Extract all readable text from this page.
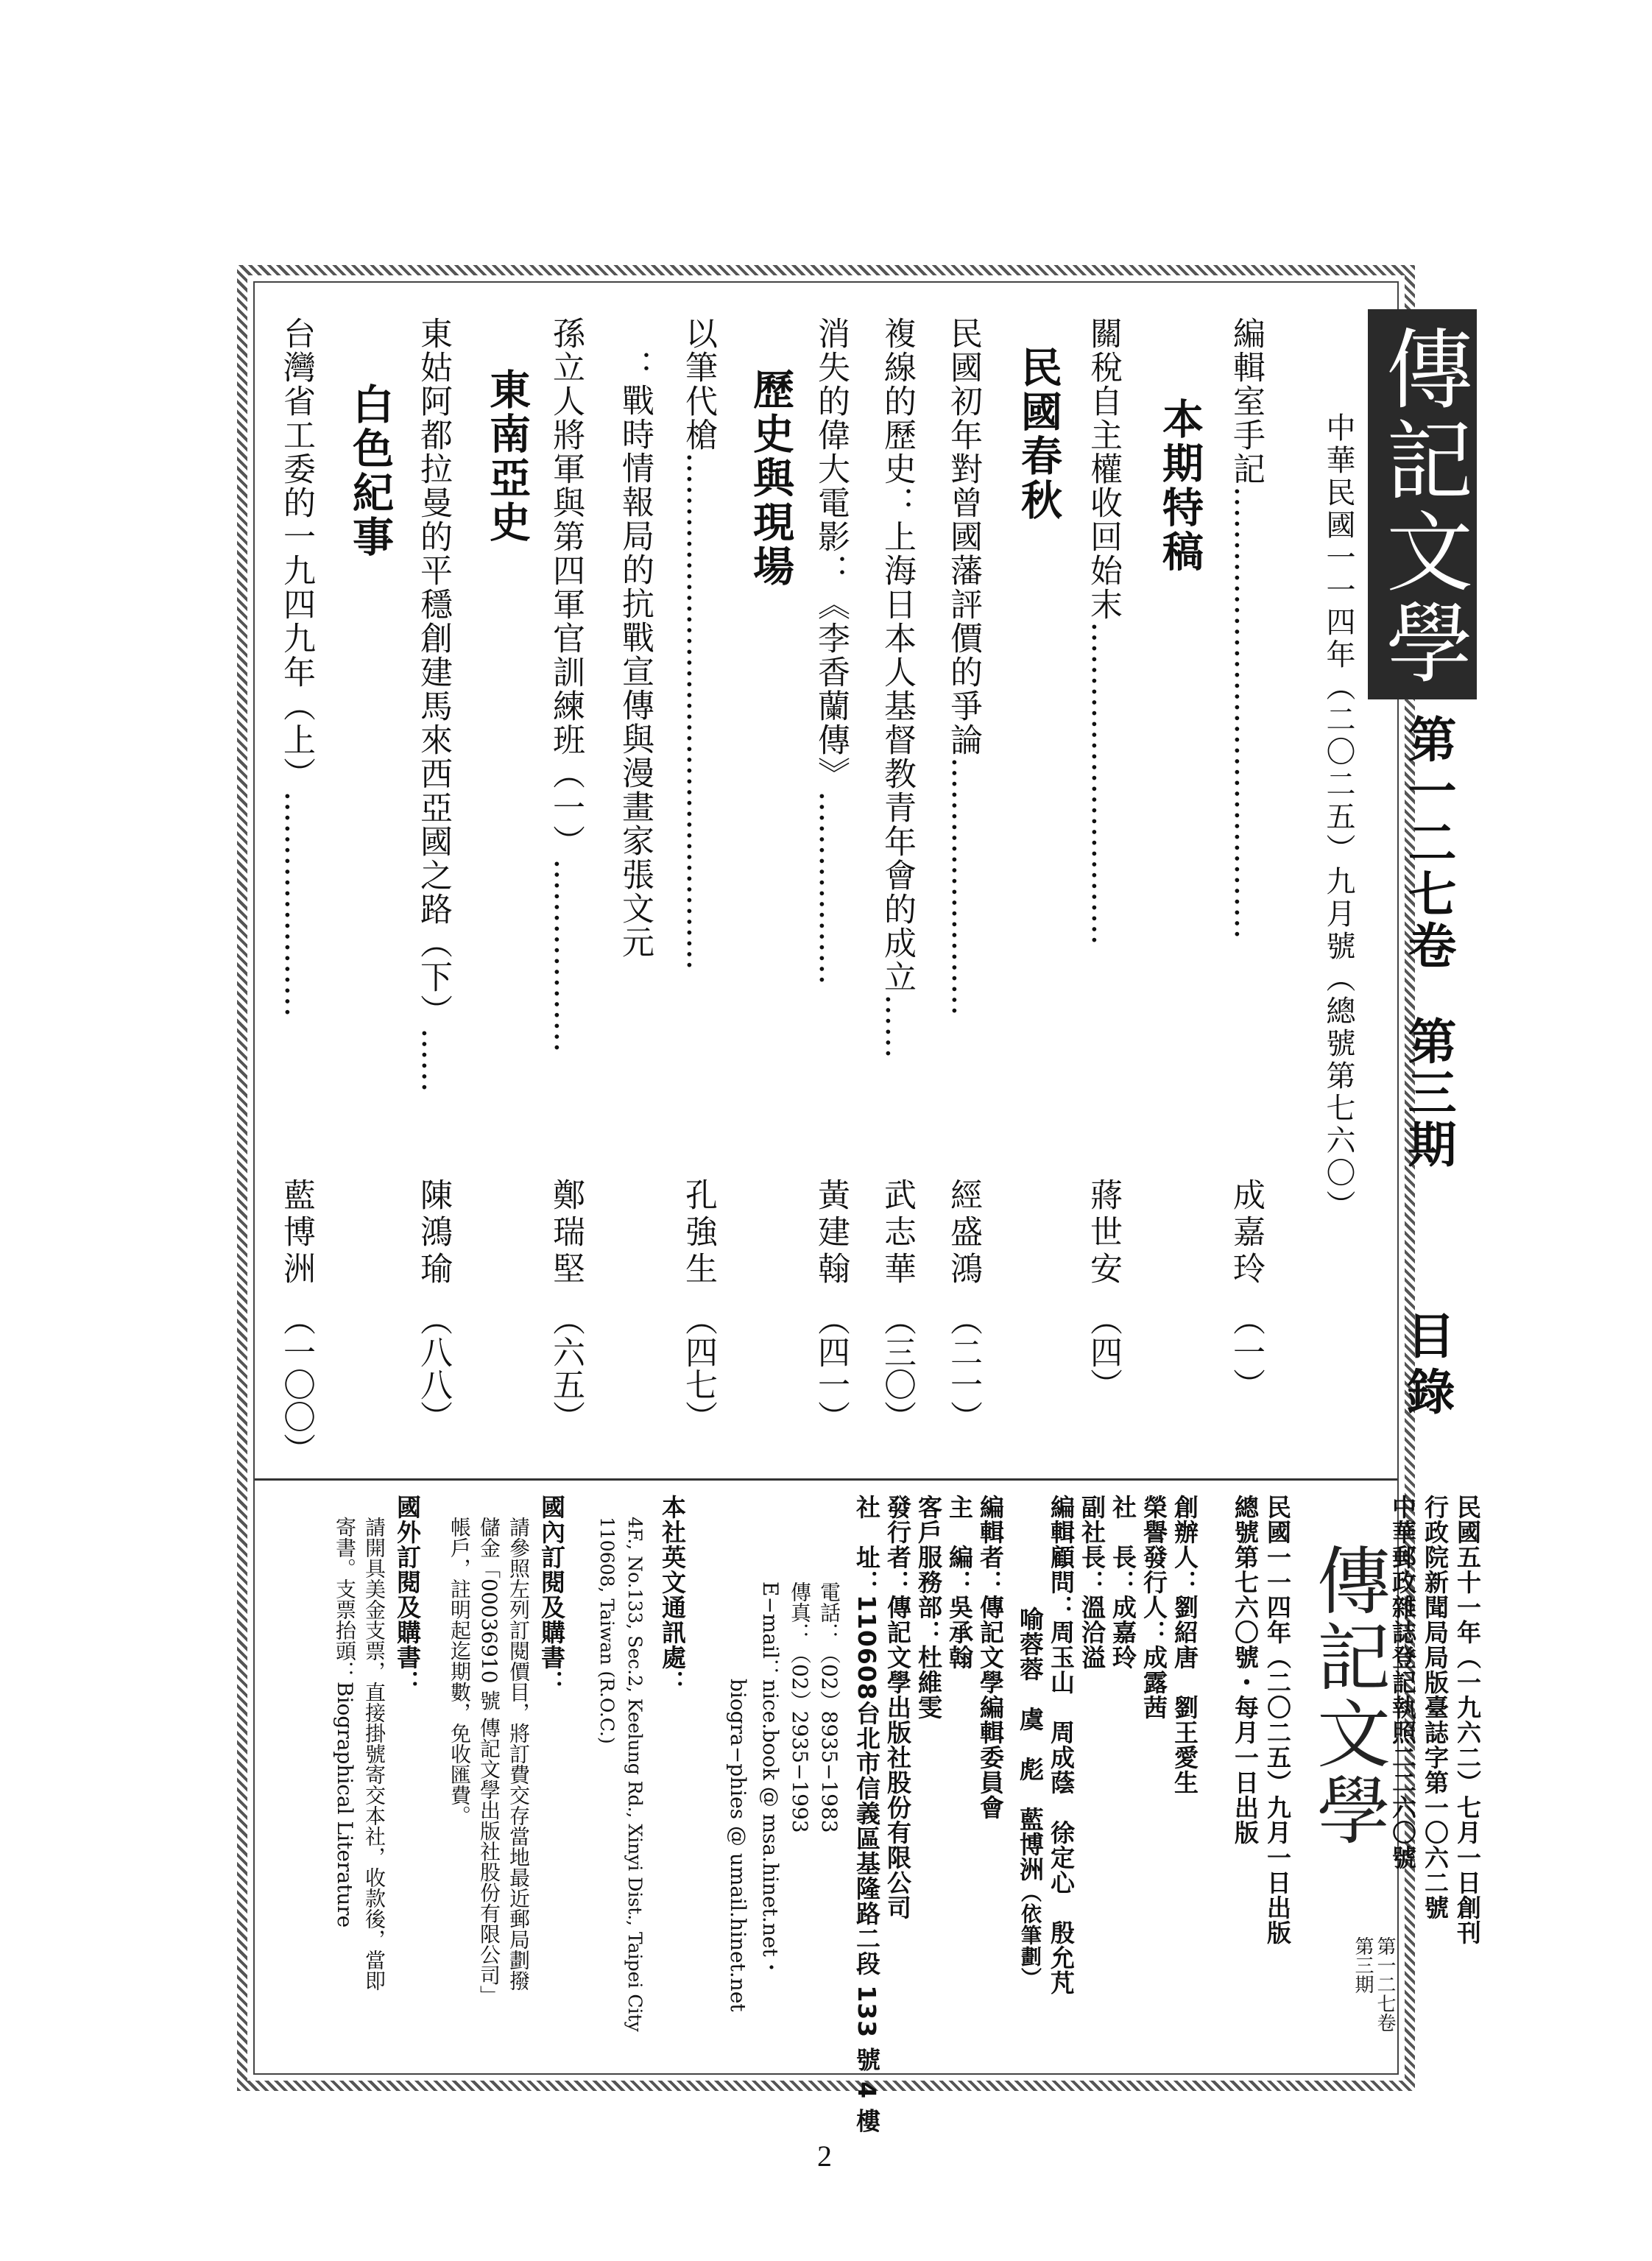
傳記文學
中華民國一一四年（二〇二五）九月號（總號第七六〇） 第一二七卷第三期
目錄
編輯室手記……………………………………
成嘉玲
（一）
本期特稿
關稅自主權收回始末…………………………
蔣世安
（四）
民國春秋
民國初年對曾國藩評價的爭論……………………
經盛鴻
（二一）
複線的歷史：上海日本人基督教青年會的成立……
武志華
（三〇）
消失的偉大電影：《李香蘭傳》………………
黃建翰
（四一）
歷史與現場
以筆代槍…………………………………………
：戰時情報局的抗戰宣傳與漫畫家張文元
孔強生
（四七）
孫立人將軍與第四軍官訓練班（一）………………
鄭瑞堅
（六五）
東南亞史
東姑阿都拉曼的平穩創建馬來西亞國之路（下）……
陳鴻瑜
（八八）
白色紀事
台灣省工委的一九四九年（上）…………………
藍博洲
（一〇〇）
民國五十一年（一九六二）七月一日創刊
行政院新聞局局版臺誌字第一〇六二號
中華郵政雜誌登記執照二二六〇號
傳記文學
第一二七卷
第三期
民國一一四年（二〇二五）九月一日出版
總號第七六〇號・每月一日出版
創辦人：劉紹唐　劉王愛生
榮譽發行人：成露茜
社　長：成嘉玲
副社長：溫洽溢
編輯顧問：周玉山　周成蔭　徐定心　殷允芃
喻蓉蓉　虞　彪　藍博洲（依筆劃）
編輯者：傳記文學編輯委員會
主　編：吳承翰
客戶服務部：杜維雯
發行者：傳記文學出版社股份有限公司
社　址：110608台北市信義區基隆路二段 133 號 4 樓
電話：（02）8935−1983
傳真：（02）2935−1993
E−mail：nice.book @ msa.hinet.net・
biogra−phies @ umail.hinet.net
本社英文通訊處：
4F., No.133, Sec.2, Keelung Rd., Xinyi Dist., Taipei City
110608, Taiwan (R.O.C.)
國內訂閱及購書：
請參照左列訂閱價目，將訂費交存當地最近郵局劃撥
儲金「00036910 號 傳記文學出版社股份有限公司」
帳戶，註明起迄期數，免收匯費。
國外訂閱及購書：
請開具美金支票，直接掛號寄交本社，收款後，當即
寄書。支票抬頭：Biographical Literature
2
